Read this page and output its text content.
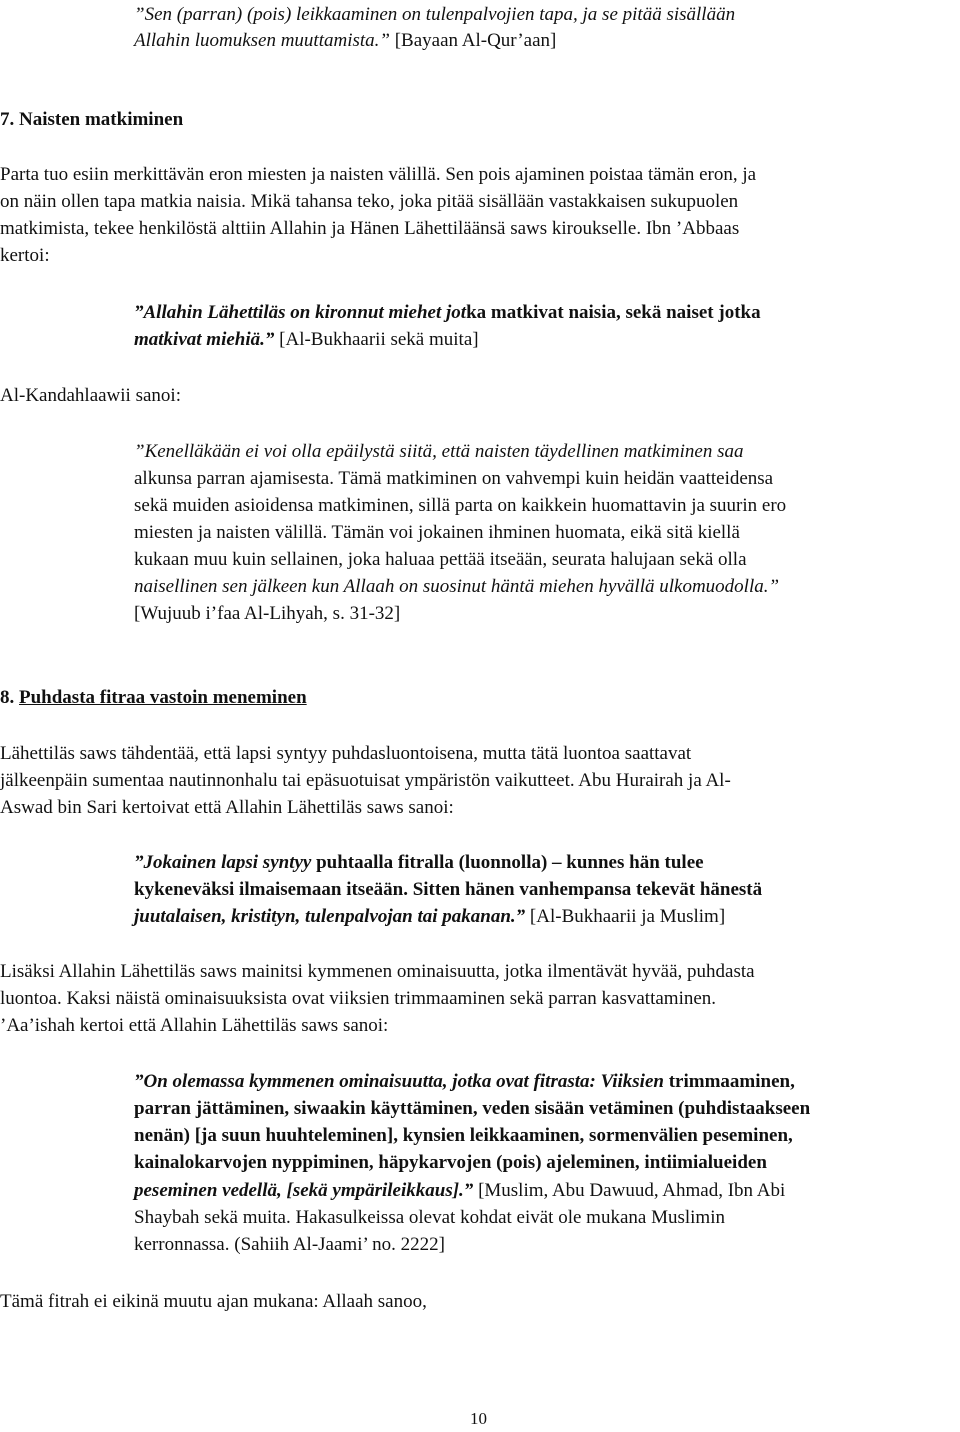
”Sen (parran) (pois) leikkaaminen on tulenpalvojien tapa, ja se pitää sisällään
Allahin luomuksen muuttamista.” [Bayaan Al-Qur’aan]
7. Naisten matkiminen
Parta tuo esiin merkittävän eron miesten ja naisten välillä. Sen pois ajaminen poistaa tämän eron, ja
on näin ollen tapa matkia naisia. Mikä tahansa teko, joka pitää sisällään vastakkaisen sukupuolen
matkimista, tekee henkilöstä alttiin Allahin ja Hänen Lähettiläänsä saws kiroukselle. Ibn ’Abbaas
kertoi:
”Allahin Lähettiläs on kironnut miehet jotka matkivat naisia, sekä naiset jotka
matkivat miehiä.” [Al-Bukhaarii sekä muita]
Al-Kandahlaawii sanoi:
”Kenelläkään ei voi olla epäilystä siitä, että naisten täydellinen matkiminen saa
alkunsa parran ajamisesta. Tämä matkiminen on vahvempi kuin heidän vaatteidensa
sekä muiden asioidensa matkiminen, sillä parta on kaikkein huomattavin ja suurin ero
miesten ja naisten välillä. Tämän voi jokainen ihminen huomata, eikä sitä kiellä
kukaan muu kuin sellainen, joka haluaa pettää itseään, seurata halujaan sekä olla
naisellinen sen jälkeen kun Allaah on suosinut häntä miehen hyvällä ulkomuodolla.”
[Wujuub i’faa Al-Lihyah, s. 31-32]
8. Puhdasta fitraa vastoin meneminen
Lähettiläs saws tähdentää, että lapsi syntyy puhdasluontoisena, mutta tätä luontoa saattavat
jälkeenpäin sumentaa nautinnonhalu tai epäsuotuisat ympäristön vaikutteet. Abu Hurairah ja Al-
Aswad bin Sari kertoivat että Allahin Lähettiläs saws sanoi:
”Jokainen lapsi syntyy puhtaalla fitralla (luonnolla) – kunnes hän tulee
kykeneväksi ilmaisemaan itseään. Sitten hänen vanhempansa tekevät hänestä
juutalaisen, kristityn, tulenpalvojan tai pakanan.” [Al-Bukhaarii ja Muslim]
Lisäksi Allahin Lähettiläs saws mainitsi kymmenen ominaisuutta, jotka ilmentävät hyvää, puhdasta
luontoa. Kaksi näistä ominaisuuksista ovat viiksien trimmaaminen sekä parran kasvattaminen.
’Aa’ishah kertoi että Allahin Lähettiläs saws sanoi:
”On olemassa kymmenen ominaisuutta, jotka ovat fitrasta: Viiksien trimmaaminen,
parran jättäminen, siwaakin käyttäminen, veden sisään vetäminen (puhdistaakseen
nenän) [ja suun huuhteleminen], kynsien leikkaaminen, sormenvälien peseminen,
kainalokarvojen nyppiminen, häpykarvojen (pois) ajeleminen, intiimialueiden
peseminen vedellä, [sekä ympärileikkaus].” [Muslim, Abu Dawuud, Ahmad, Ibn Abi
Shaybah sekä muita. Hakasulkeissa olevat kohdat eivät ole mukana Muslimin
kerronnassa. (Sahiih Al-Jaami’ no. 2222]
Tämä fitrah ei eikinä muutu ajan mukana: Allaah sanoo,
10
